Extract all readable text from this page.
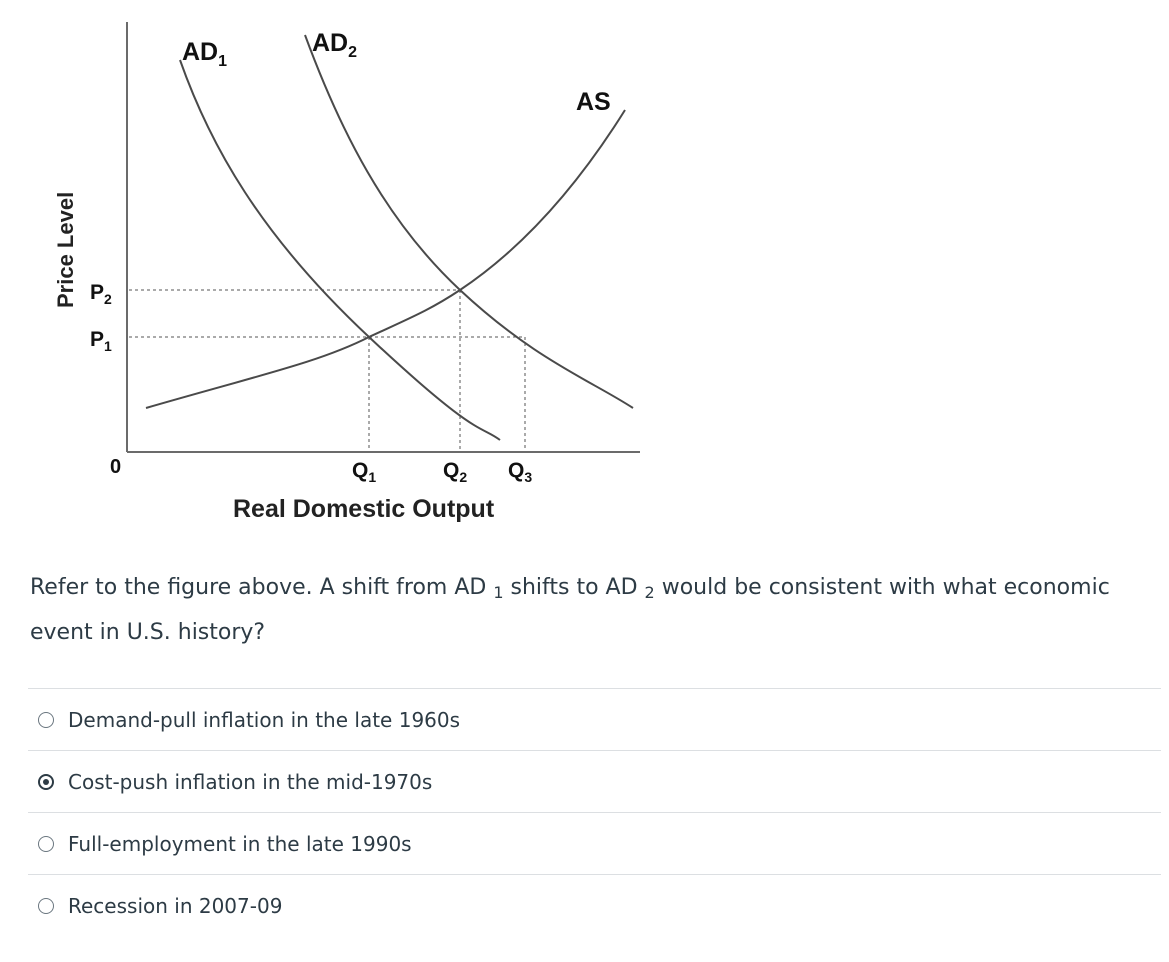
Price Level $P_2$
$P_1$
0	$Q_1$	$Q_2$ $Q_3$
Real Domestic Output
$AD_1$
$AD_2$
AS
Refer to the figure above. A shift from AD $_1$ shifts to AD $_2$ would be consistent with what economic event in U.S. history?
Demand-pull inflation in the late 1960s
Cost-push inflation in the mid-1970s
Full-employment in the late 1990s
Recession in 2007-09
